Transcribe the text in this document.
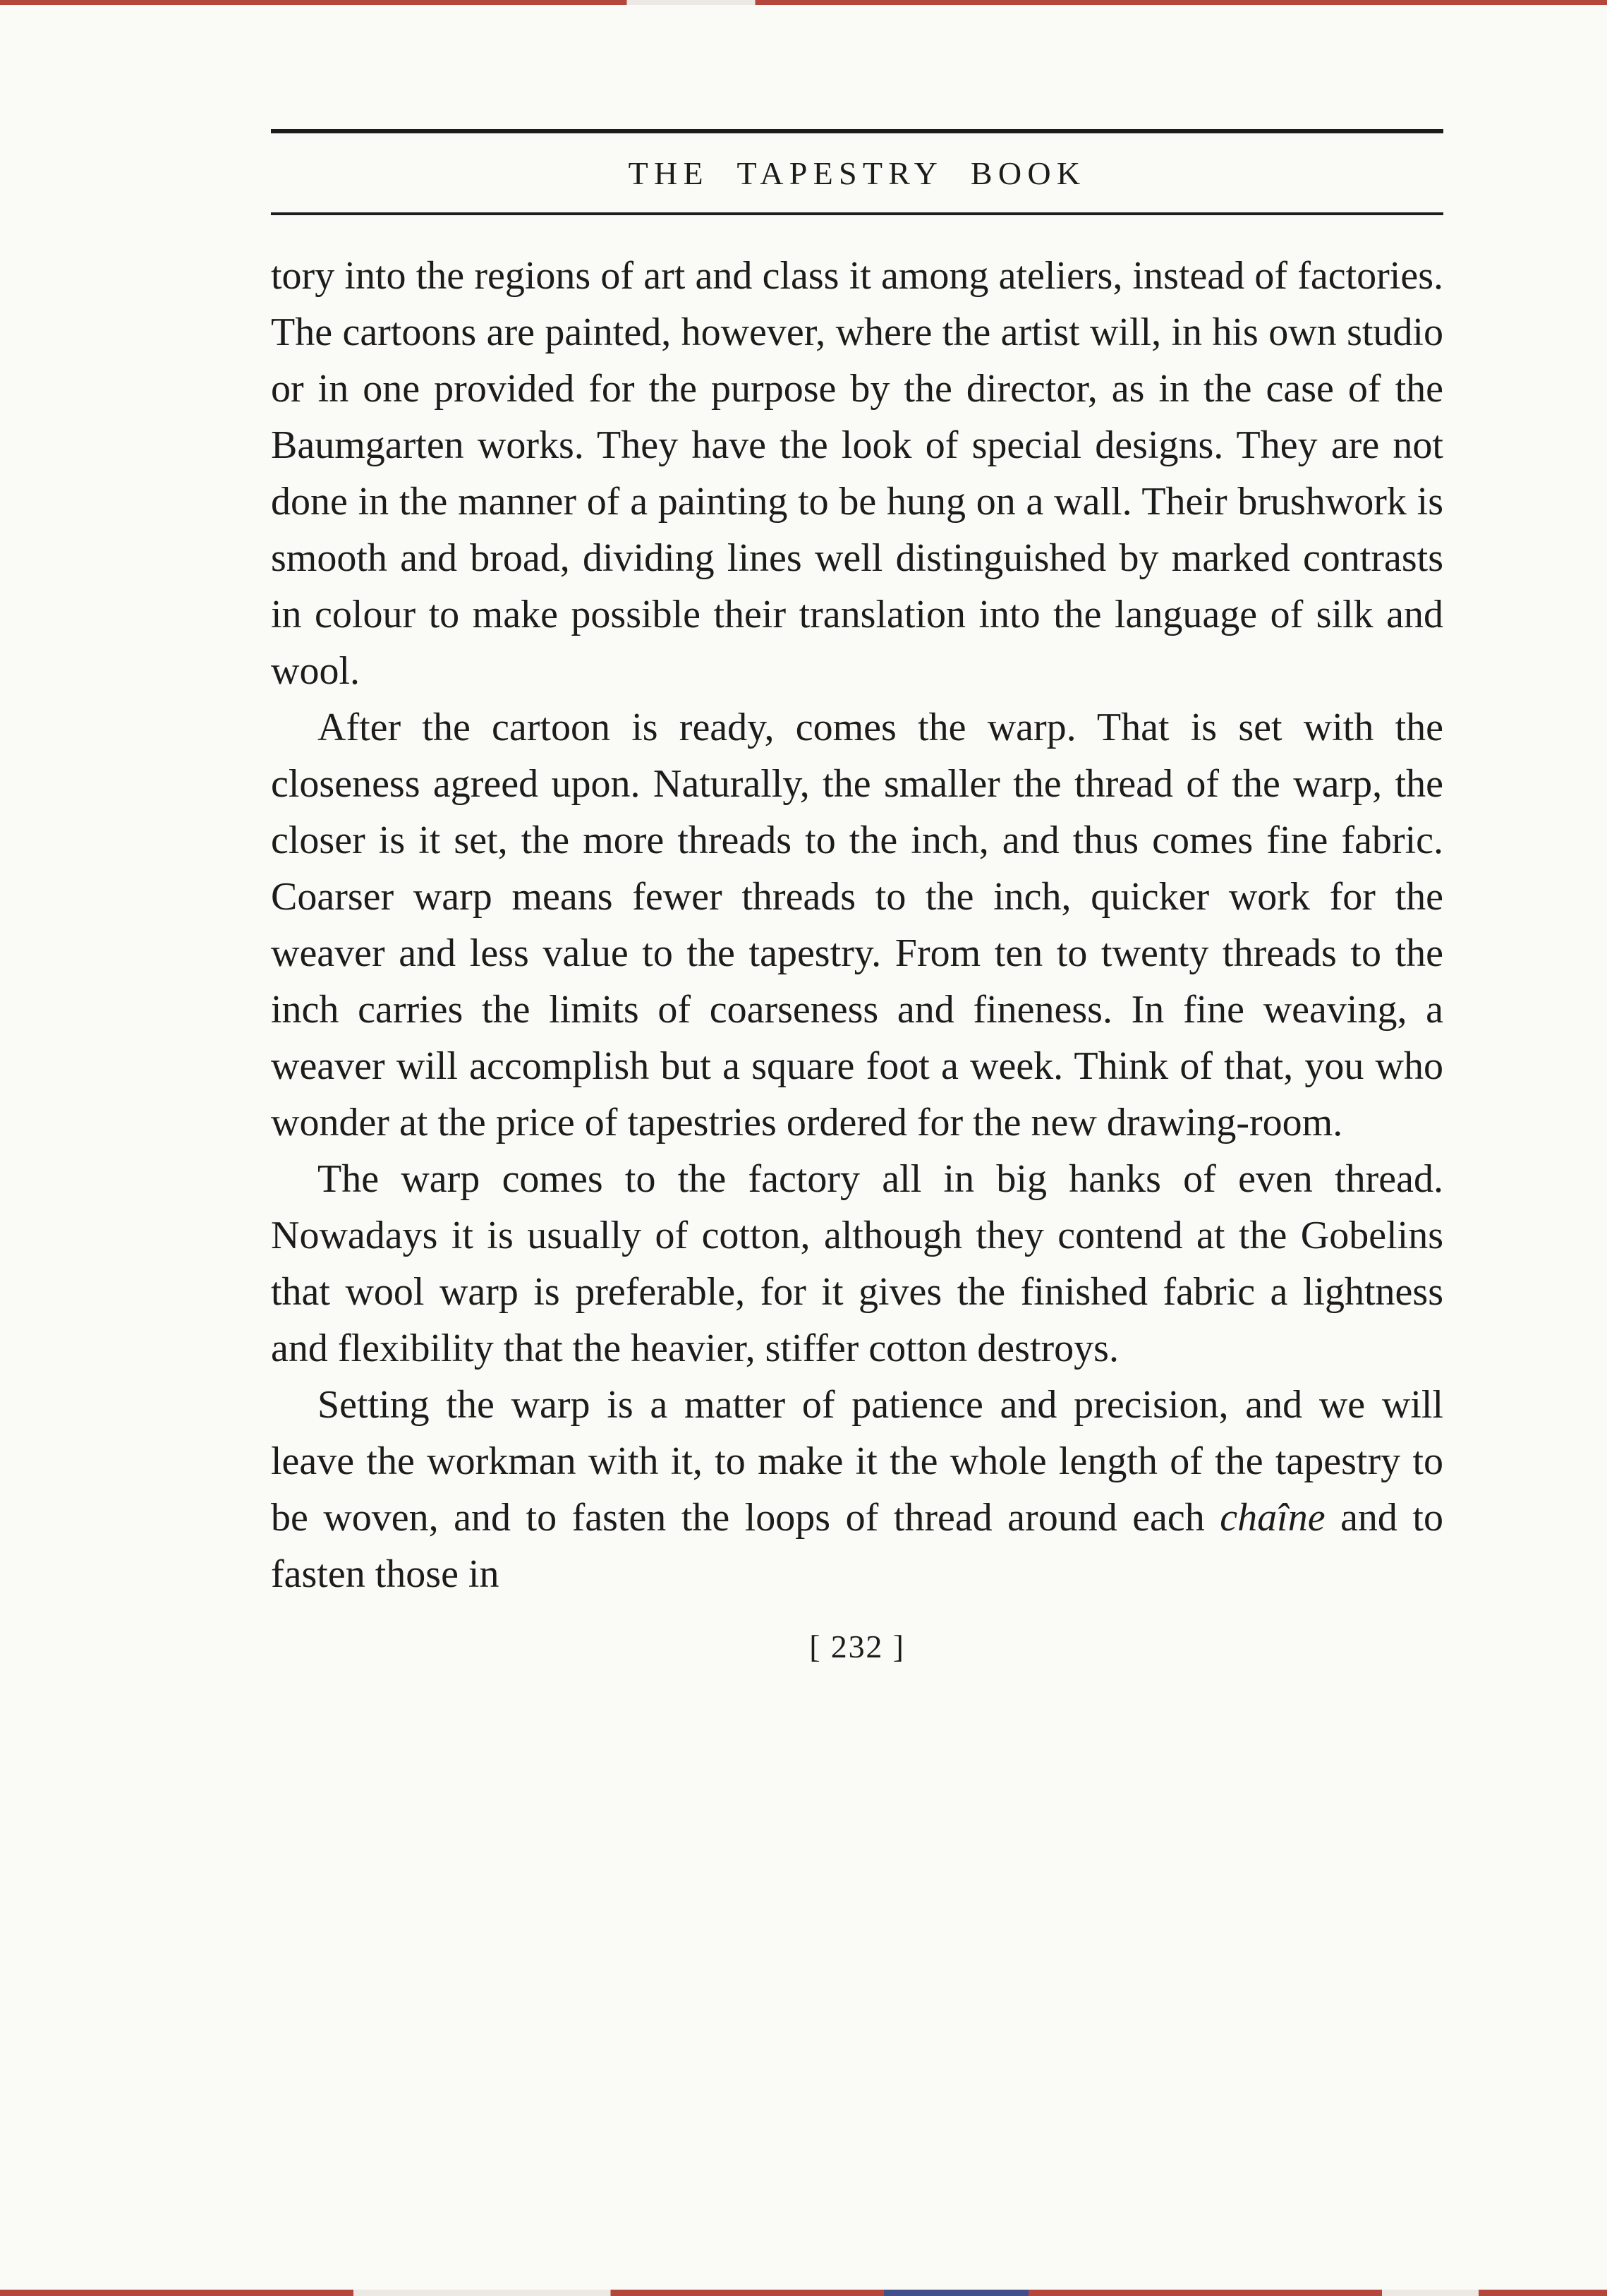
THE TAPESTRY BOOK

tory into the regions of art and class it among ateliers, instead of factories. The cartoons are painted, however, where the artist will, in his own studio or in one provided for the purpose by the director, as in the case of the Baumgarten works. They have the look of special designs. They are not done in the manner of a painting to be hung on a wall. Their brushwork is smooth and broad, dividing lines well distinguished by marked contrasts in colour to make possible their translation into the language of silk and wool.

After the cartoon is ready, comes the warp. That is set with the closeness agreed upon. Naturally, the smaller the thread of the warp, the closer is it set, the more threads to the inch, and thus comes fine fabric. Coarser warp means fewer threads to the inch, quicker work for the weaver and less value to the tapestry. From ten to twenty threads to the inch carries the limits of coarseness and fineness. In fine weaving, a weaver will accomplish but a square foot a week. Think of that, you who wonder at the price of tapestries ordered for the new drawing-room.

The warp comes to the factory all in big hanks of even thread. Nowadays it is usually of cotton, although they contend at the Gobelins that wool warp is preferable, for it gives the finished fabric a lightness and flexibility that the heavier, stiffer cotton destroys.

Setting the warp is a matter of patience and precision, and we will leave the workman with it, to make it the whole length of the tapestry to be woven, and to fasten the loops of thread around each chaîne and to fasten those in

[ 232 ]
